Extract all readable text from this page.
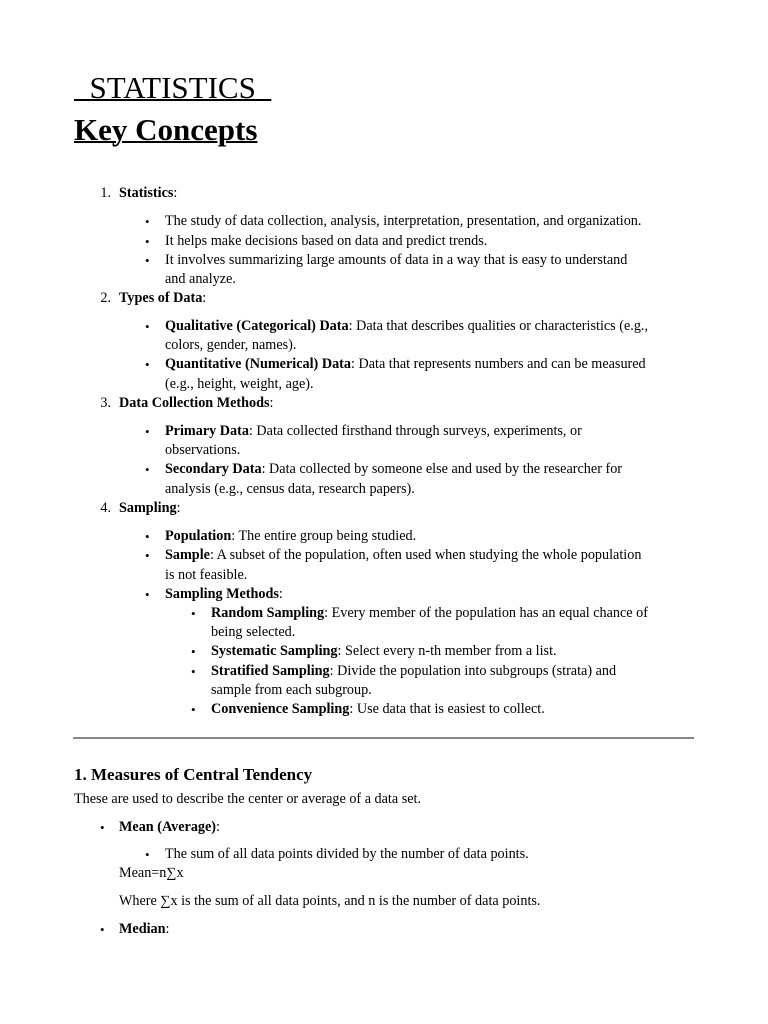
STATISTICS
Key Concepts
1. Statistics:
• The study of data collection, analysis, interpretation, presentation, and organization.
• It helps make decisions based on data and predict trends.
• It involves summarizing large amounts of data in a way that is easy to understand
and analyze.
2. Types of Data:
• Qualitative (Categorical) Data: Data that describes qualities or characteristics (e.g.,
colors, gender, names).
• Quantitative (Numerical) Data: Data that represents numbers and can be measured
(e.g., height, weight, age).
3. Data Collection Methods:
• Primary Data: Data collected firsthand through surveys, experiments, or
observations.
• Secondary Data: Data collected by someone else and used by the researcher for
analysis (e.g., census data, research papers).
4. Sampling:
• Population: The entire group being studied.
• Sample: A subset of the population, often used when studying the whole population
is not feasible.
• Sampling Methods:
• Random Sampling: Every member of the population has an equal chance of
being selected.
• Systematic Sampling: Select every n-th member from a list.
• Stratified Sampling: Divide the population into subgroups (strata) and
sample from each subgroup.
• Convenience Sampling: Use data that is easiest to collect.
1. Measures of Central Tendency
These are used to describe the center or average of a data set.
• Mean (Average):
• The sum of all data points divided by the number of data points.
Mean=n∑x
Where ∑x is the sum of all data points, and n is the number of data points.
• Median:
